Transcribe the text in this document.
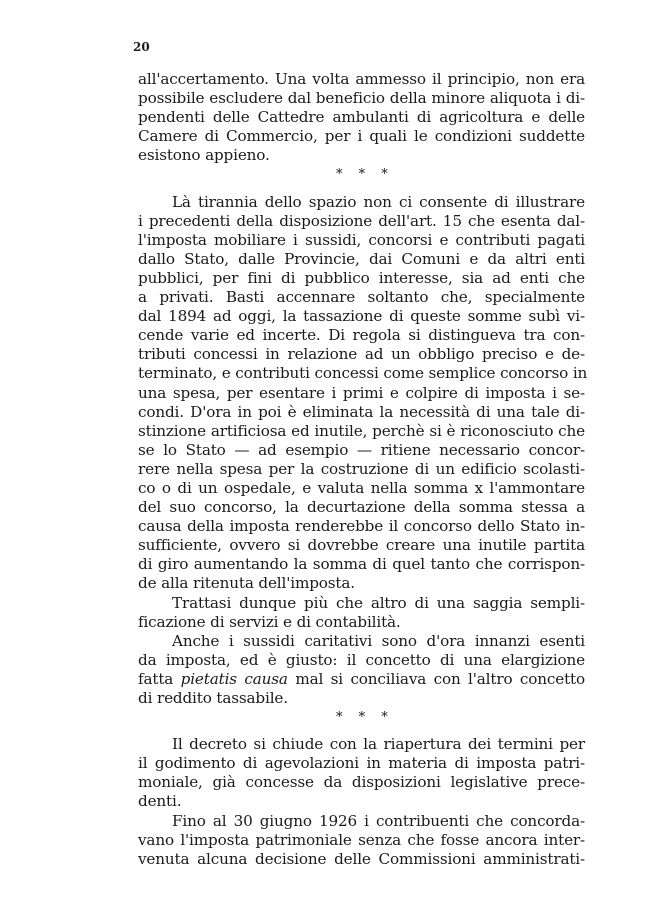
20
all'accertamento. Una volta ammesso il principio, non era
possibile escludere dal beneficio della minore aliquota i di-
pendenti delle Cattedre ambulanti di agricoltura e delle
Camere di Commercio, per i quali le condizioni suddette
esistono appieno.
* * *
Là tirannia dello spazio non ci consente di illustrare
i precedenti della disposizione dell'art. 15 che esenta dal-
l'imposta mobiliare i sussidi, concorsi e contributi pagati
dallo Stato, dalle Provincie, dai Comuni e da altri enti
pubblici, per fini di pubblico interesse, sia ad enti che
a privati. Basti accennare soltanto che, specialmente
dal 1894 ad oggi, la tassazione di queste somme subì vi-
cende varie ed incerte. Di regola si distingueva tra con-
tributi concessi in relazione ad un obbligo preciso e de-
terminato, e contributi concessi come semplice concorso in
una spesa, per esentare i primi e colpire di imposta i se-
condi. D'ora in poi è eliminata la necessità di una tale di-
stinzione artificiosa ed inutile, perchè si è riconosciuto che
se lo Stato — ad esempio — ritiene necessario concor-
rere nella spesa per la costruzione di un edificio scolasti-
co o di un ospedale, e valuta nella somma x l'ammontare
del suo concorso, la decurtazione della somma stessa a
causa della imposta renderebbe il concorso dello Stato in-
sufficiente, ovvero si dovrebbe creare una inutile partita
di giro aumentando la somma di quel tanto che corrispon-
de alla ritenuta dell'imposta.
Trattasi dunque più che altro di una saggia sempli-
ficazione di servizi e di contabilità.
Anche i sussidi caritativi sono d'ora innanzi esenti
da imposta, ed è giusto: il concetto di una elargizione
fatta pietatis causa mal si conciliava con l'altro concetto
di reddito tassabile.
* * *
Il decreto si chiude con la riapertura dei termini per
il godimento di agevolazioni in materia di imposta patri-
moniale, già concesse da disposizioni legislative prece-
denti.
Fino al 30 giugno 1926 i contribuenti che concorda-
vano l'imposta patrimoniale senza che fosse ancora inter-
venuta alcuna decisione delle Commissioni amministrati-
